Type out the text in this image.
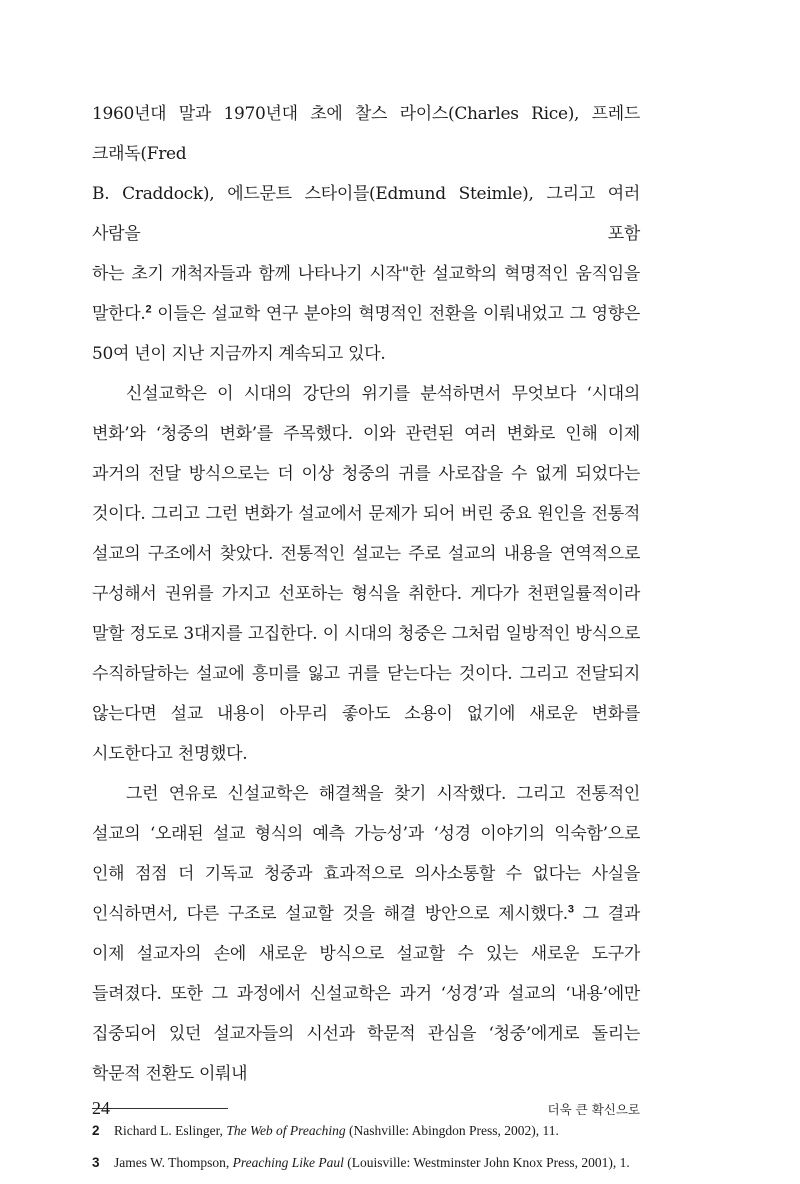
1960년대 말과 1970년대 초에 찰스 라이스(Charles Rice), 프레드 크래독(Fred

B. Craddock), 에드문트 스타이믈(Edmund Steimle), 그리고 여러 사람을 포함

하는 초기 개척자들과 함께 나타나기 시작"한 설교학의 혁명적인 움직임을

말한다.$^2$ 이들은 설교학 연구 분야의 혁명적인 전환을 이뤄내었고 그 영향은

50여 년이 지난 지금까지 계속되고 있다.

신설교학은 이 시대의 강단의 위기를 분석하면서 무엇보다 ‘시대의 변화’와 ‘청중의 변화’를 주목했다. 이와 관련된 여러 변화로 인해 이제 과거의 전달 방식으로는 더 이상 청중의 귀를 사로잡을 수 없게 되었다는 것이다. 그리고 그런 변화가 설교에서 문제가 되어 버린 중요 원인을 전통적 설교의 구조에서 찾았다. 전통적인 설교는 주로 설교의 내용을 연역적으로 구성해서 권위를 가지고 선포하는 형식을 취한다. 게다가 천편일률적이라 말할 정도로 3대지를 고집한다. 이 시대의 청중은 그처럼 일방적인 방식으로 수직하달하는 설교에 흥미를 잃고 귀를 닫는다는 것이다. 그리고 전달되지 않는다면 설교 내용이 아무리 좋아도 소용이 없기에 새로운 변화를 시도한다고 천명했다.

그런 연유로 신설교학은 해결책을 찾기 시작했다. 그리고 전통적인 설교의 ‘오래된 설교 형식의 예측 가능성’과 ‘성경 이야기의 익숙함’으로 인해 점점 더 기독교 청중과 효과적으로 의사소통할 수 없다는 사실을 인식하면서, 다른 구조로 설교할 것을 해결 방안으로 제시했다.$^3$ 그 결과 이제 설교자의 손에 새로운 방식으로 설교할 수 있는 새로운 도구가 들려졌다. 또한 그 과정에서 신설교학은 과거 ‘성경’과 설교의 ‘내용’에만 집중되어 있던 설교자들의 시선과 학문적 관심을 ‘청중’에게로 돌리는 학문적 전환도 이뤄내

2	Richard L. Eslinger, The Web of Preaching (Nashville: Abingdon Press, 2002), 11.
3	James W. Thompson, Preaching Like Paul (Louisville: Westminster John Knox Press, 2001), 1.
24	더욱 큰 확신으로
